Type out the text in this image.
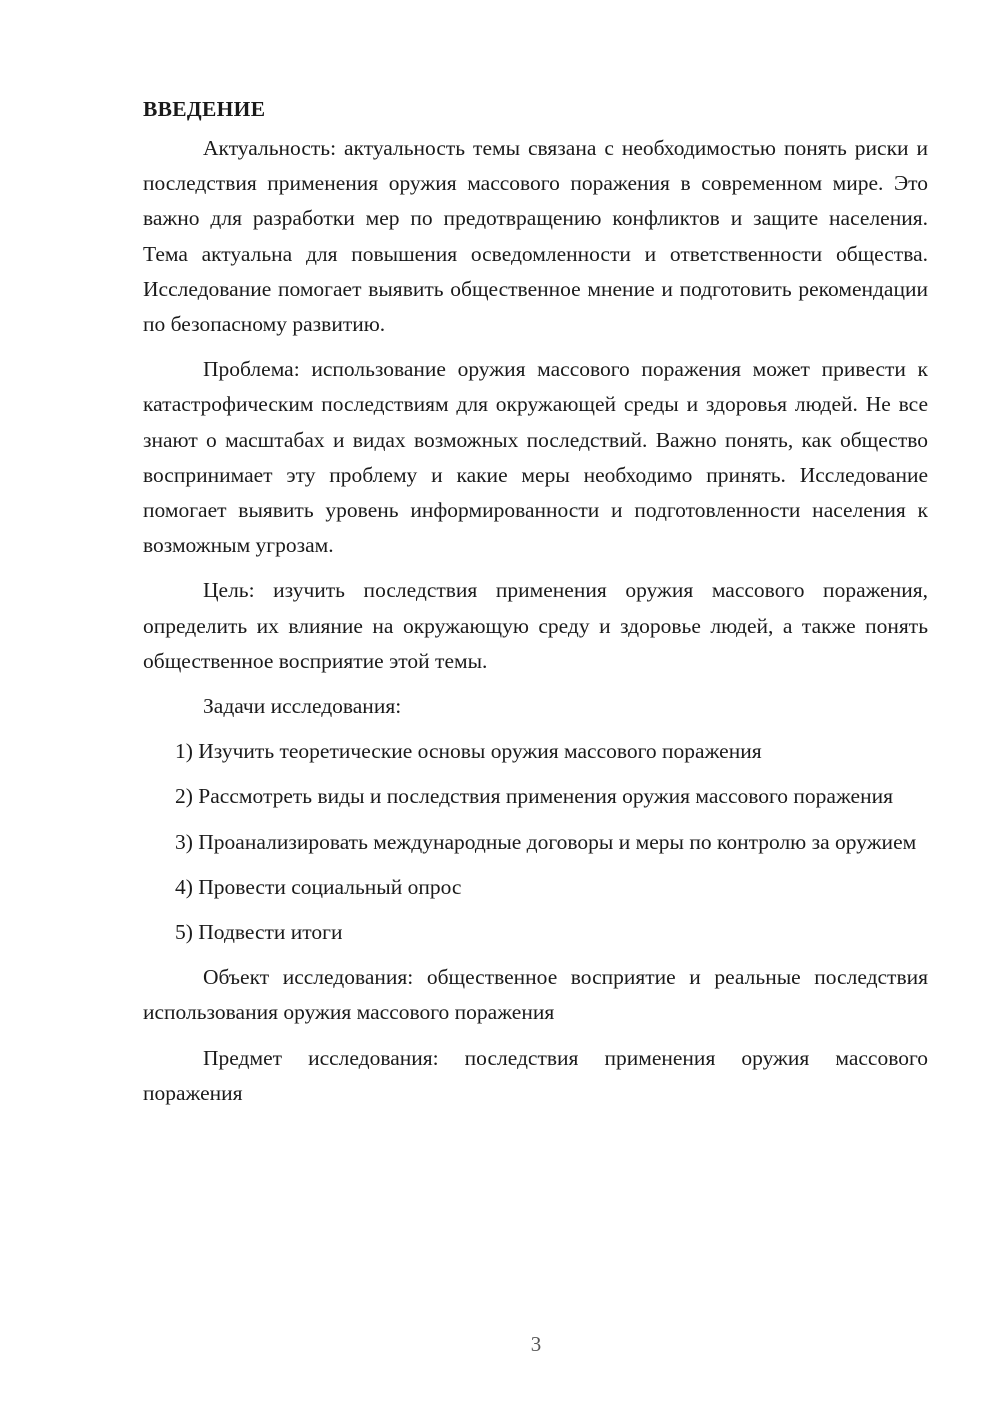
ВВЕДЕНИЕ

Актуальность: актуальность темы связана с необходимостью понять риски и последствия применения оружия массового поражения в современном мире. Это важно для разработки мер по предотвращению конфликтов и защите населения. Тема актуальна для повышения осведомленности и ответственности общества. Исследование помогает выявить общественное мнение и подготовить рекомендации по безопасному развитию.

Проблема: использование оружия массового поражения может привести к катастрофическим последствиям для окружающей среды и здоровья людей. Не все знают о масштабах и видах возможных последствий. Важно понять, как общество воспринимает эту проблему и какие меры необходимо принять. Исследование помогает выявить уровень информированности и подготовленности населения к возможным угрозам.

Цель: изучить последствия применения оружия массового поражения, определить их влияние на окружающую среду и здоровье людей, а также понять общественное восприятие этой темы.

Задачи исследования:

1) Изучить теоретические основы оружия массового поражения

2) Рассмотреть виды и последствия применения оружия массового поражения

3) Проанализировать международные договоры и меры по контролю за оружием

4) Провести социальный опрос

5) Подвести итоги

Объект исследования: общественное восприятие и реальные последствия использования оружия массового поражения

Предмет исследования: последствия применения оружия массового поражения

3
